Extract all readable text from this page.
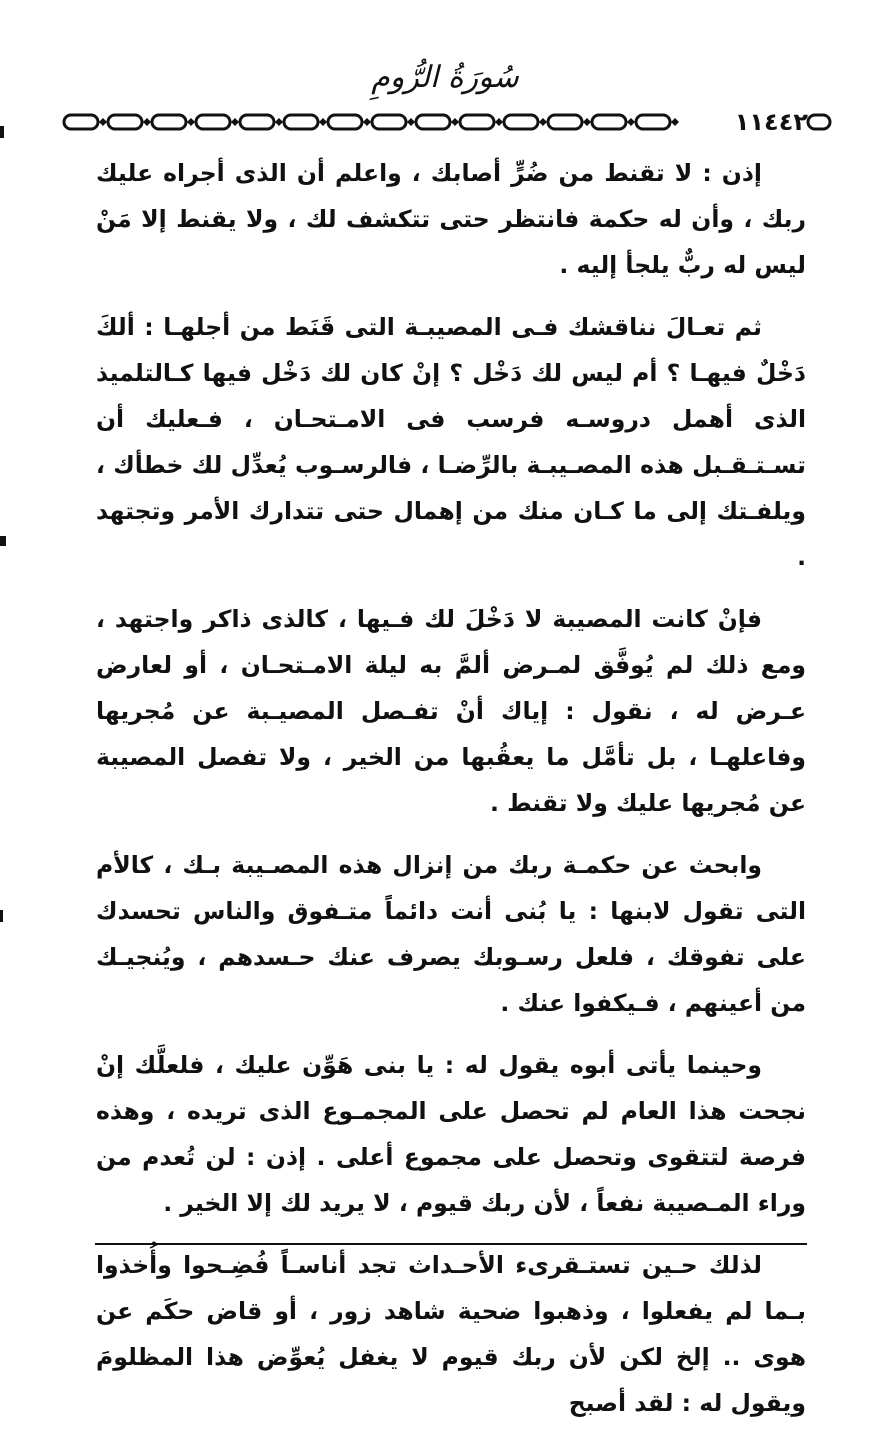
سُورَةُ الرُّومِ
١١٤٤٢

إذن : لا تقنط من ضُرٍّ أصابك ، واعلم أن الذى أجراه عليك ربك ، وأن له حكمة فانتظر حتى تتكشف لك ، ولا يقنط إلا مَنْ ليس له ربٌّ يلجأ إليه .

ثم تعـالَ نناقشك فـى المصيبـة التى قَنَط من أجلهـا : ألكَ دَخْلٌ فيهـا ؟ أم ليس لك دَخْل ؟ إنْ كان لك دَخْل فيها كـالتلميذ الذى أهمل دروسـه فرسب فى الامـتحـان ، فـعليك أن تسـتـقـبل هذه المصـيبـة بالرِّضـا ، فالرسـوب يُعدِّل لك خطأك ، ويلفـتك إلى ما كـان منك من إهمال حتى تتدارك الأمر وتجتهد .

فإنْ كانت المصيبة لا دَخْلَ لك فـيها ، كالذى ذاكر واجتهد ، ومع ذلك لم يُوفَّق لمـرض ألمَّ به ليلة الامـتحـان ، أو لعارض عـرض له ، نقول : إياك أنْ تفـصل المصيـبة عن مُجريها وفاعلهـا ، بل تأمَّل ما يعقُبها من الخير ، ولا تفصل المصيبة عن مُجريها عليك ولا تقنط .

وابحث عن حكمـة ربك من إنزال هذه المصـيبة بـك ، كالأم التى تقول لابنها : يا بُنى أنت دائماً متـفوق والناس تحسدك على تفوقك ، فلعل رسـوبك يصرف عنك حـسدهم ، ويُنجيـك من أعينهم ، فـيكفوا عنك .

وحينما يأتى أبوه يقول له : يا بنى هَوِّن عليك ، فلعلَّك إنْ نجحت هذا العام لم تحصل على المجمـوع الذى تريده ، وهذه فرصة لتتقوى وتحصل على مجموع أعلى . إذن : لن تُعدم من وراء المـصيبة نفعاً ، لأن ربك قيوم ، لا يريد لك إلا الخير .

لذلك حـين تستـقرىء الأحـداث تجد أناسـاً فُضِـحوا وأُخذوا بـما لم يفعلوا ، وذهبوا ضحية شاهد زور ، أو قاض حكَم عن هوى .. إلخ لكن لأن ربك قيوم لا يغفل يُعوِّض هذا المظلومَ ويقول له : لقد أصبح
